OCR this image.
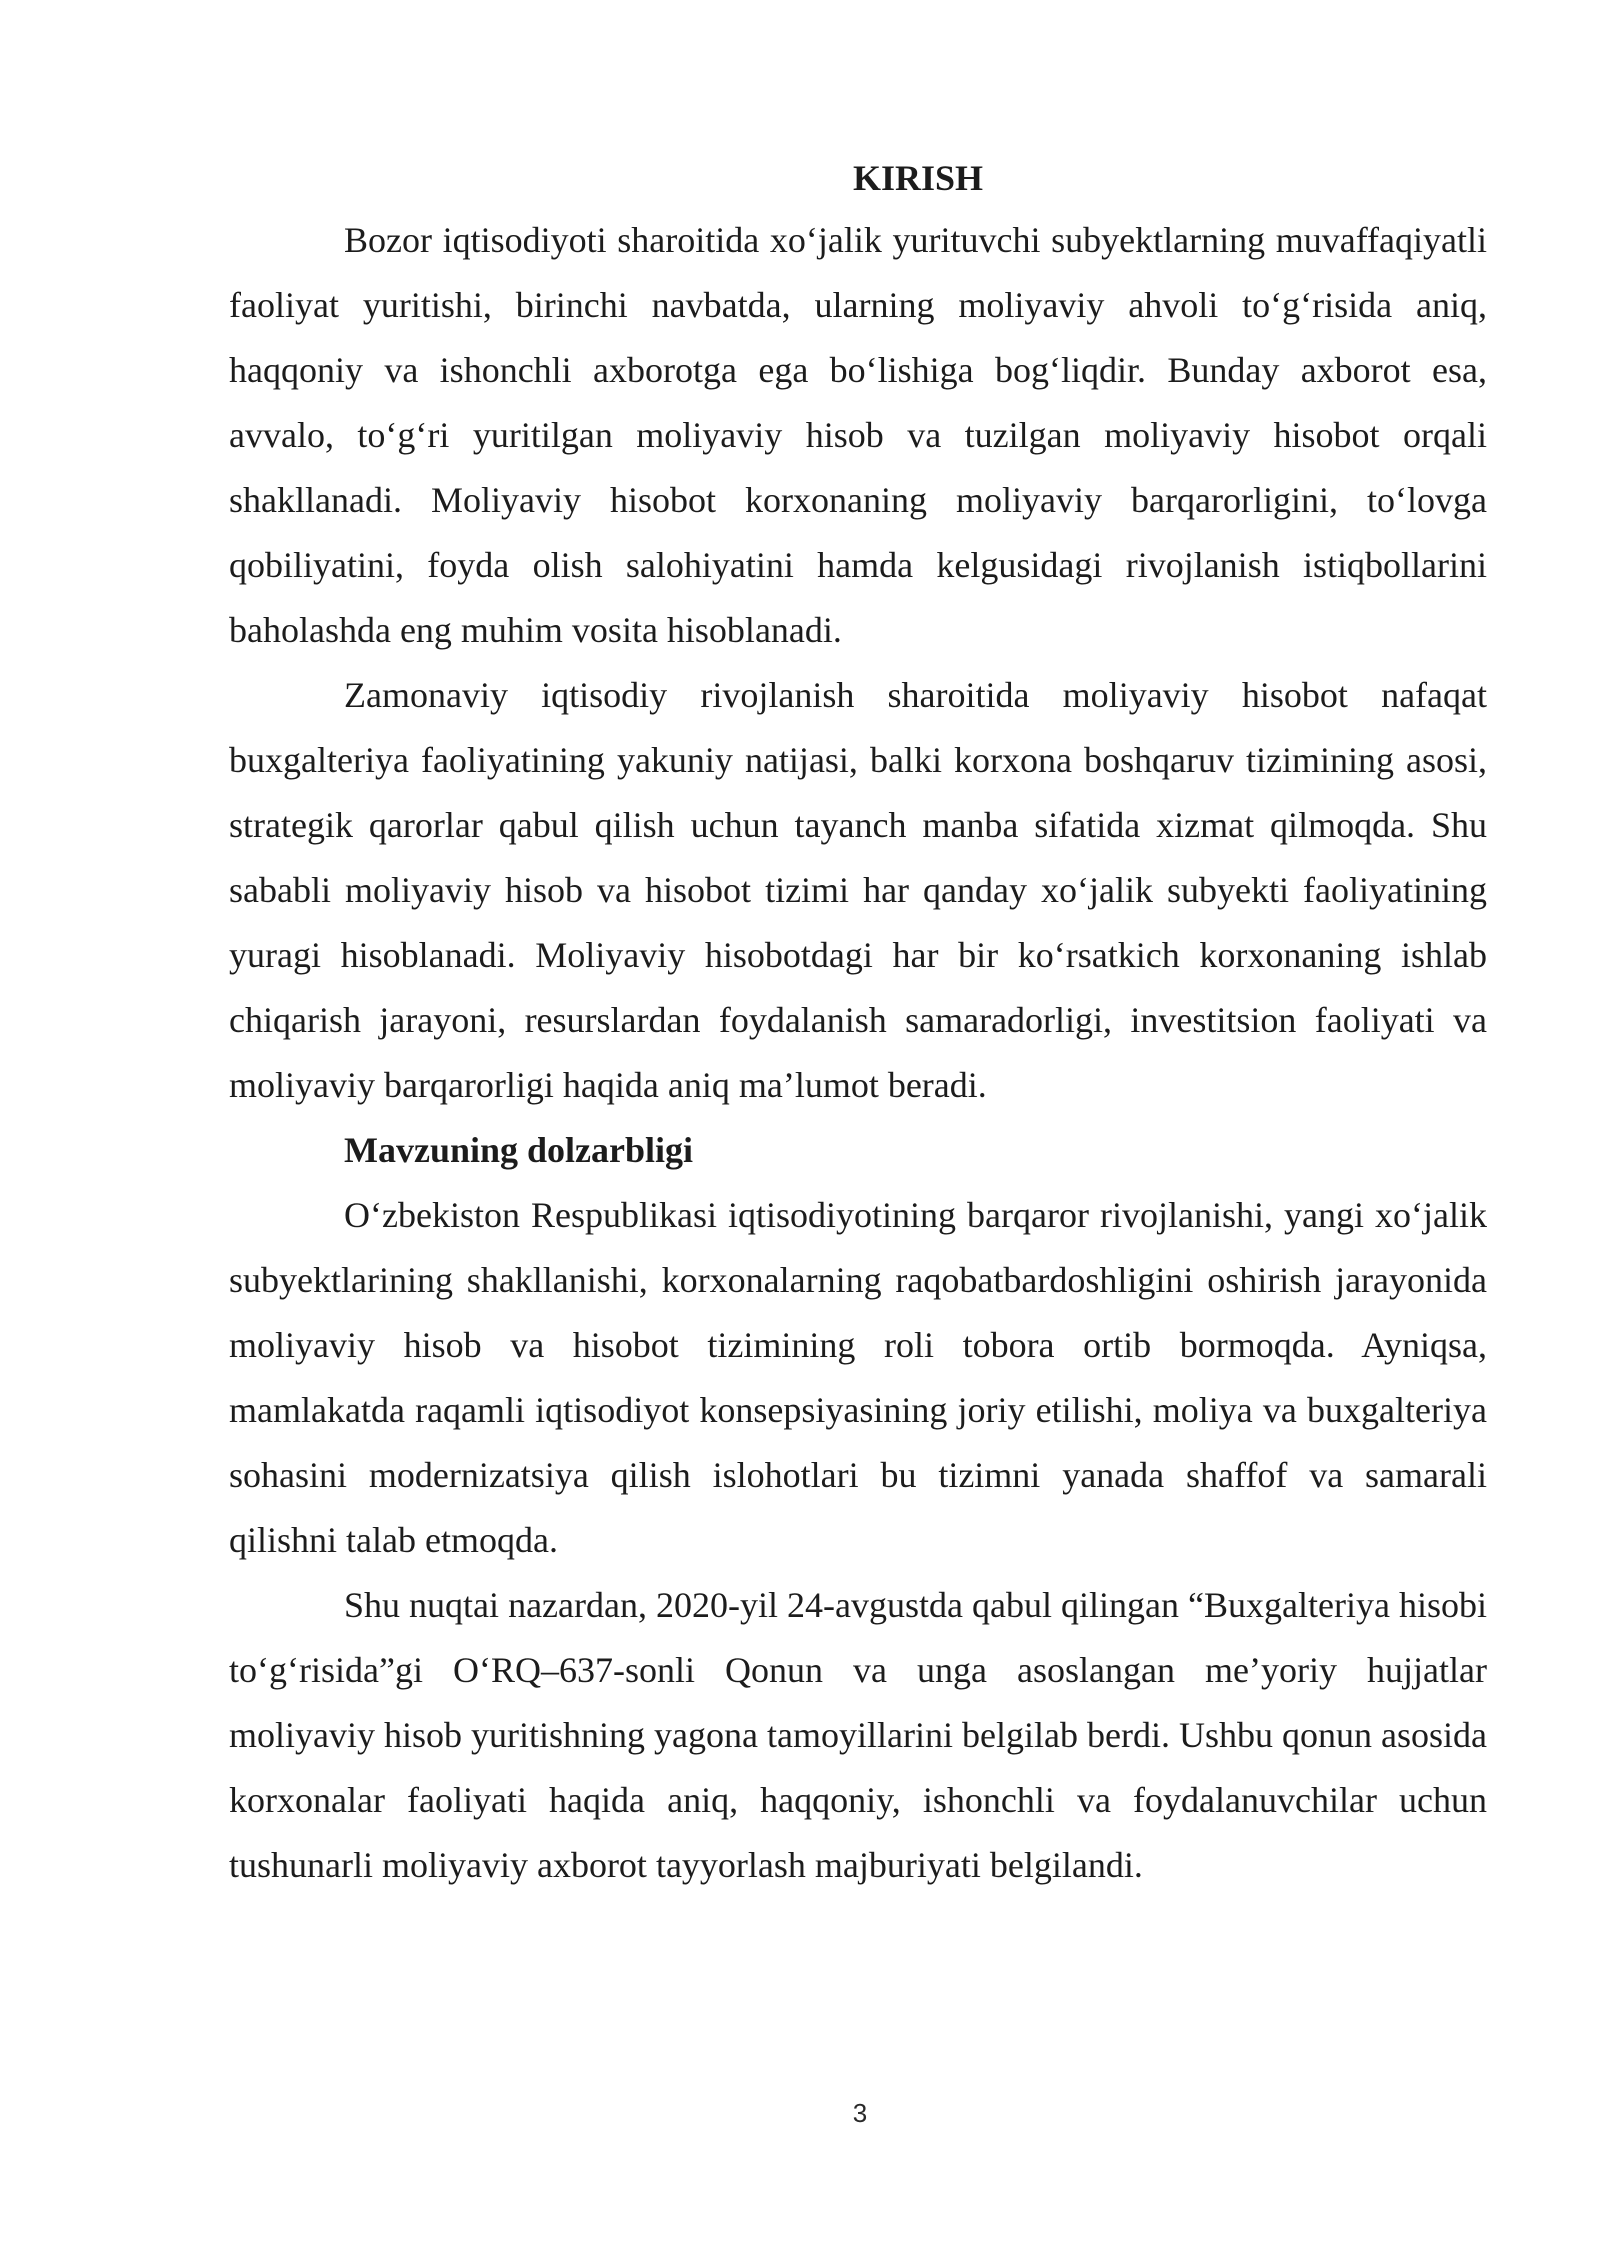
KIRISH

Bozor iqtisodiyoti sharoitida xo‘jalik yurituvchi subyektlarning muvaffaqiyatli faoliyat yuritishi, birinchi navbatda, ularning moliyaviy ahvoli to‘g‘risida aniq, haqqoniy va ishonchli axborotga ega bo‘lishiga bog‘liqdir. Bunday axborot esa, avvalo, to‘g‘ri yuritilgan moliyaviy hisob va tuzilgan moliyaviy hisobot orqali shakllanadi. Moliyaviy hisobot korxonaning moliyaviy barqarorligini, to‘lovga qobiliyatini, foyda olish salohiyatini hamda kelgusidagi rivojlanish istiqbollarini baholashda eng muhim vosita hisoblanadi.

Zamonaviy iqtisodiy rivojlanish sharoitida moliyaviy hisobot nafaqat buxgalteriya faoliyatining yakuniy natijasi, balki korxona boshqaruv tizimining asosi, strategik qarorlar qabul qilish uchun tayanch manba sifatida xizmat qilmoqda. Shu sababli moliyaviy hisob va hisobot tizimi har qanday xo‘jalik subyekti faoliyatining yuragi hisoblanadi. Moliyaviy hisobotdagi har bir ko‘rsatkich korxonaning ishlab chiqarish jarayoni, resurslardan foydalanish samaradorligi, investitsion faoliyati va moliyaviy barqarorligi haqida aniq ma’lumot beradi.

Mavzuning dolzarbligi

O‘zbekiston Respublikasi iqtisodiyotining barqaror rivojlanishi, yangi xo‘jalik subyektlarining shakllanishi, korxonalarning raqobatbardoshligini oshirish jarayonida moliyaviy hisob va hisobot tizimining roli tobora ortib bormoqda. Ayniqsa, mamlakatda raqamli iqtisodiyot konsepsiyasining joriy etilishi, moliya va buxgalteriya sohasini modernizatsiya qilish islohotlari bu tizimni yanada shaffof va samarali qilishni talab etmoqda.

Shu nuqtai nazardan, 2020-yil 24-avgustda qabul qilingan “Buxgalteriya hisobi to‘g‘risida”gi O‘RQ–637-sonli Qonun va unga asoslangan me’yoriy hujjatlar moliyaviy hisob yuritishning yagona tamoyillarini belgilab berdi. Ushbu qonun asosida korxonalar faoliyati haqida aniq, haqqoniy, ishonchli va foydalanuvchilar uchun tushunarli moliyaviy axborot tayyorlash majburiyati belgilandi.

3
